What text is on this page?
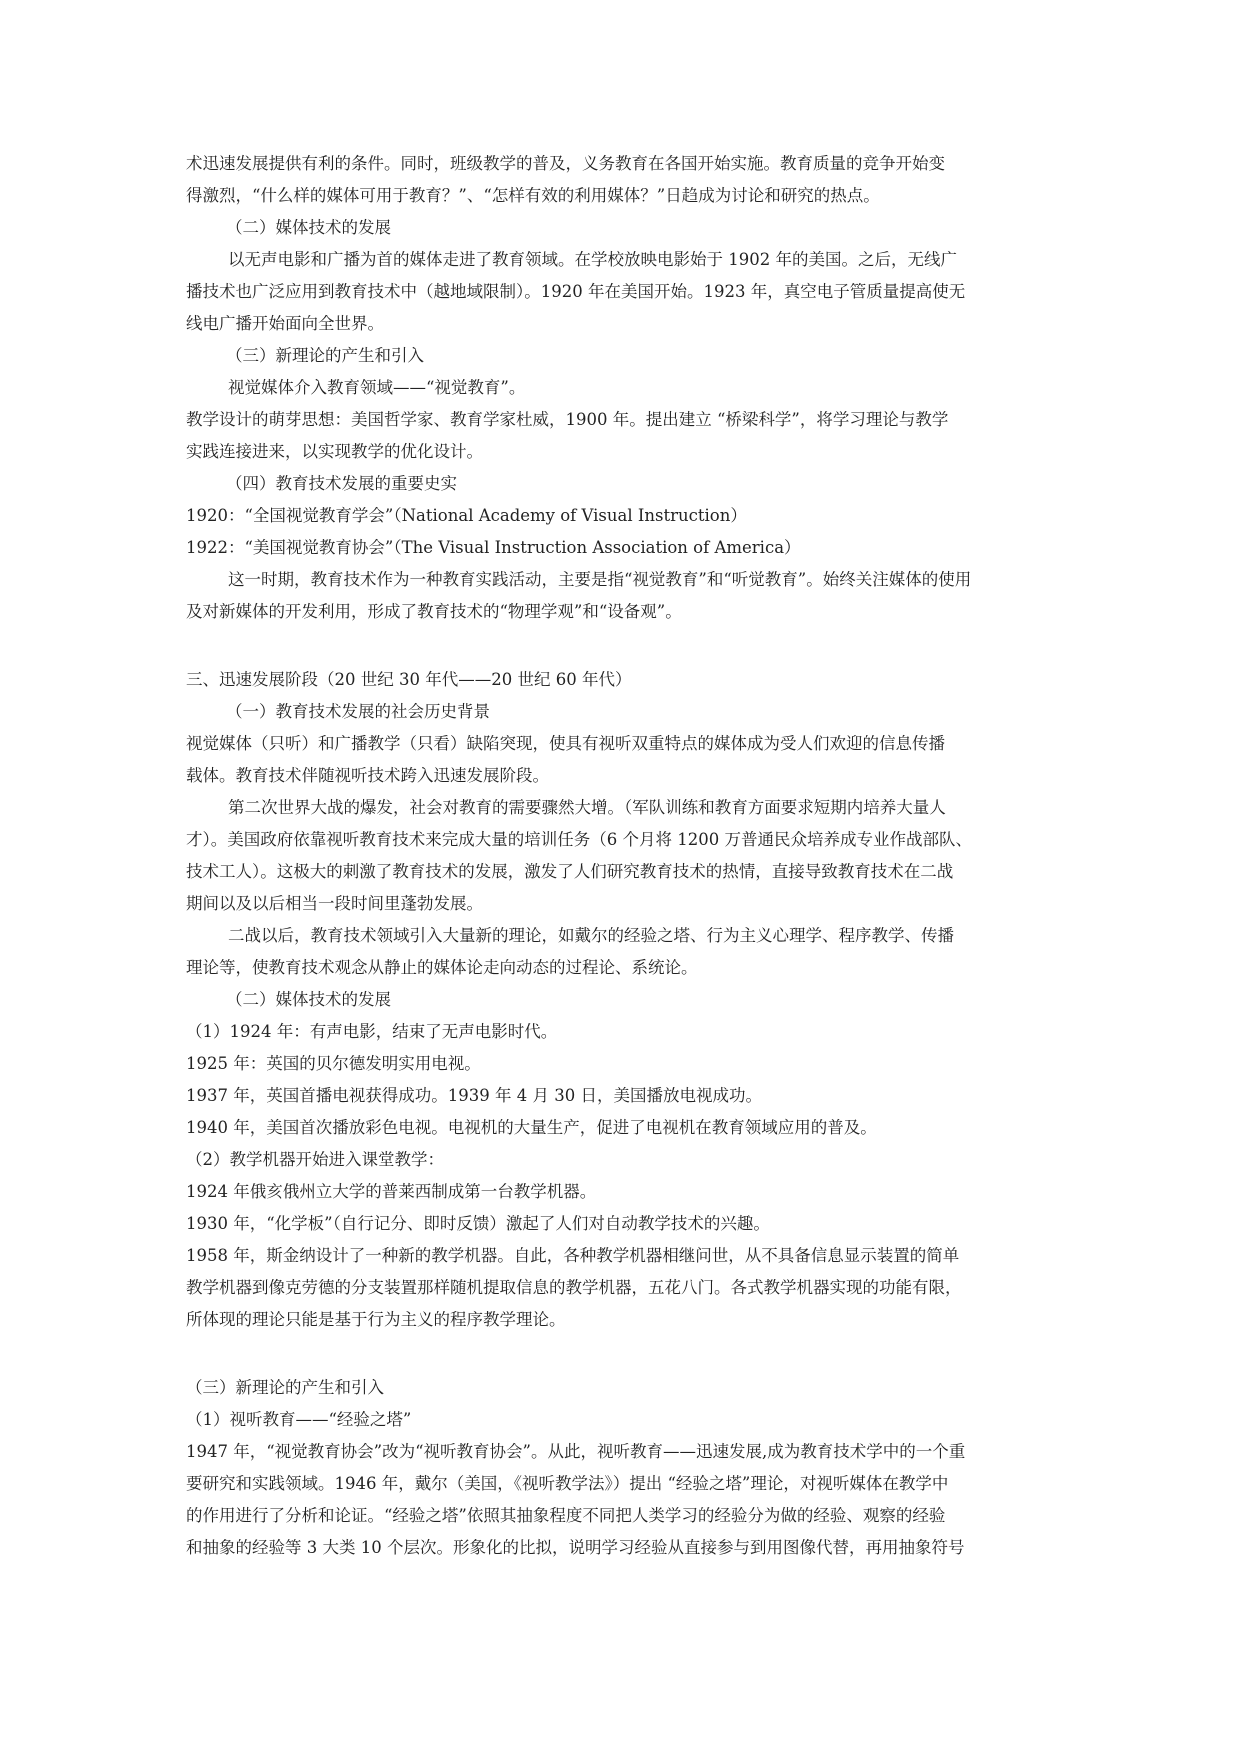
术迅速发展提供有利的条件。同时，班级教学的普及，义务教育在各国开始实施。教育质量的竞争开始变
得激烈，“什么样的媒体可用于教育？”、“怎样有效的利用媒体？”日趋成为讨论和研究的热点。
（二）媒体技术的发展
以无声电影和广播为首的媒体走进了教育领域。在学校放映电影始于 1902 年的美国。之后，无线广
播技术也广泛应用到教育技术中（越地域限制）。1920 年在美国开始。1923 年，真空电子管质量提高使无
线电广播开始面向全世界。
（三）新理论的产生和引入
视觉媒体介入教育领域——“视觉教育”。
教学设计的萌芽思想：美国哲学家、教育学家杜威，1900 年。提出建立 “桥梁科学”，将学习理论与教学
实践连接进来，以实现教学的优化设计。
（四）教育技术发展的重要史实
1920：“全国视觉教育学会”（National Academy of Visual Instruction）
1922：“美国视觉教育协会”（The Visual Instruction Association of America）
这一时期，教育技术作为一种教育实践活动，主要是指“视觉教育”和“听觉教育”。始终关注媒体的使用
及对新媒体的开发利用，形成了教育技术的“物理学观”和“设备观”。
三、迅速发展阶段（20 世纪 30 年代——20 世纪 60 年代）
（一）教育技术发展的社会历史背景
视觉媒体（只听）和广播教学（只看）缺陷突现，使具有视听双重特点的媒体成为受人们欢迎的信息传播
载体。教育技术伴随视听技术跨入迅速发展阶段。
第二次世界大战的爆发，社会对教育的需要骤然大增。（军队训练和教育方面要求短期内培养大量人
才）。美国政府依靠视听教育技术来完成大量的培训任务（6 个月将 1200 万普通民众培养成专业作战部队、
技术工人）。这极大的刺激了教育技术的发展，激发了人们研究教育技术的热情，直接导致教育技术在二战
期间以及以后相当一段时间里蓬勃发展。
二战以后，教育技术领域引入大量新的理论，如戴尔的经验之塔、行为主义心理学、程序教学、传播
理论等，使教育技术观念从静止的媒体论走向动态的过程论、系统论。
（二）媒体技术的发展
（1）1924 年：有声电影，结束了无声电影时代。
1925 年：英国的贝尔德发明实用电视。
1937 年，英国首播电视获得成功。1939 年 4 月 30 日，美国播放电视成功。
1940 年，美国首次播放彩色电视。电视机的大量生产，促进了电视机在教育领域应用的普及。
（2）教学机器开始进入课堂教学：
1924 年俄亥俄州立大学的普莱西制成第一台教学机器。
1930 年，“化学板”（自行记分、即时反馈）激起了人们对自动教学技术的兴趣。
1958 年，斯金纳设计了一种新的教学机器。自此，各种教学机器相继问世，从不具备信息显示装置的简单
教学机器到像克劳德的分支装置那样随机提取信息的教学机器，五花八门。各式教学机器实现的功能有限，
所体现的理论只能是基于行为主义的程序教学理论。
（三）新理论的产生和引入
（1）视听教育——“经验之塔”
1947 年，“视觉教育协会”改为“视听教育协会”。从此，视听教育——迅速发展,成为教育技术学中的一个重
要研究和实践领域。1946 年，戴尔（美国，《视听教学法》）提出 “经验之塔”理论，对视听媒体在教学中
的作用进行了分析和论证。“经验之塔”依照其抽象程度不同把人类学习的经验分为做的经验、观察的经验
和抽象的经验等 3 大类 10 个层次。形象化的比拟，说明学习经验从直接参与到用图像代替，再用抽象符号
